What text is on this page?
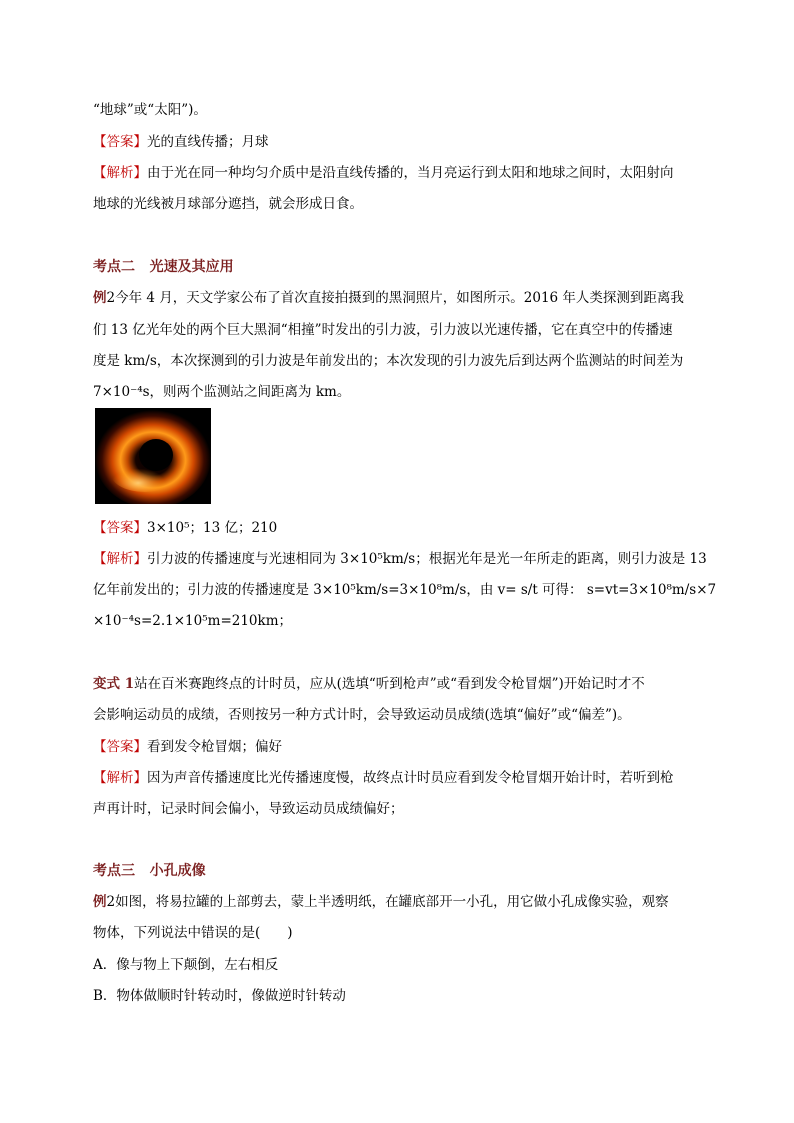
“地球”或“太阳”)。
【答案】光的直线传播；月球
【解析】由于光在同一种均匀介质中是沿直线传播的，当月亮运行到太阳和地球之间时，太阳射向
地球的光线被月球部分遮挡，就会形成日食。
考点二 光速及其应用
例2今年 4 月，天文学家公布了首次直接拍摄到的黑洞照片，如图所示。2016 年人类探测到距离我
们 13 亿光年处的两个巨大黑洞“相撞”时发出的引力波，引力波以光速传播，它在真空中的传播速
度是 km/s，本次探测到的引力波是年前发出的；本次发现的引力波先后到达两个监测站的时间差为
7×10⁻⁴s，则两个监测站之间距离为 km。
【答案】3×10⁵；13 亿；210
【解析】引力波的传播速度与光速相同为 3×10⁵km/s；根据光年是光一年所走的距离，则引力波是 13
亿年前发出的；引力波的传播速度是 3×10⁵km/s=3×10⁸m/s，由 v= s/t 可得： s=vt=3×10⁸m/s×7
×10⁻⁴s=2.1×10⁵m=210km；
变式 1站在百米赛跑终点的计时员，应从(选填“听到枪声”或“看到发令枪冒烟”)开始记时才不
会影响运动员的成绩，否则按另一种方式计时，会导致运动员成绩(选填“偏好”或“偏差”)。
【答案】看到发令枪冒烟；偏好
【解析】因为声音传播速度比光传播速度慢，故终点计时员应看到发令枪冒烟开始计时，若听到枪
声再计时，记录时间会偏小，导致运动员成绩偏好；
考点三 小孔成像
例2如图，将易拉罐的上部剪去，蒙上半透明纸，在罐底部开一小孔，用它做小孔成像实验，观察
物体，下列说法中错误的是(　　)
A．像与物上下颠倒，左右相反
B．物体做顺时针转动时，像做逆时针转动
